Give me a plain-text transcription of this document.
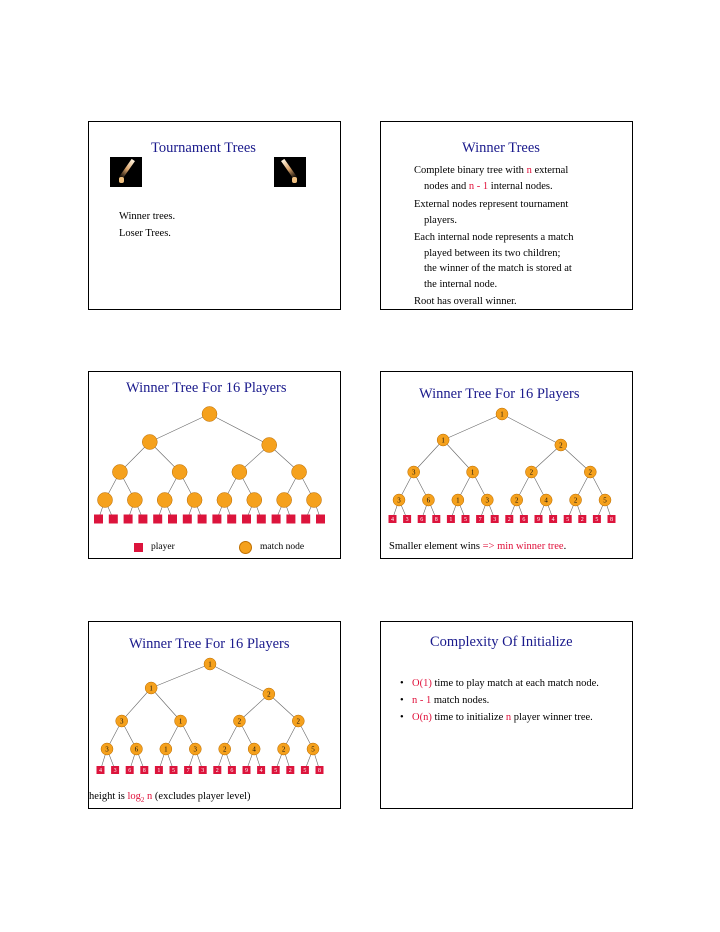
Tournament Trees
Winner trees.
Loser Trees.
Winner Trees
Complete binary tree with n external
nodes and n - 1 internal nodes.
External nodes represent tournament
players.
Each internal node represents a match
played between its two children;
the winner of the match is stored at
the internal node.
Root has overall winner.
Winner Tree For 16 Players
player	match node
Winner Tree For 16 Players
1
1
2
3	1	2	2
3	6	1	3	2	4	2	5
4 3 6 8 1 5 7 3 2 6 9 4 5 2 5 8
Smaller element wins => min winner tree.
Winner Tree For 16 Players
1
1
2
3	1	2	2
3	6	1	3	2	4	2	5
4 3 6 8 1 5 7 3 2 6 9 4 5 2 5 8
height is $\log_2 n$ (excludes player level)
Complexity Of Initialize
• O(1) time to play match at each match node.
• n - 1 match nodes.
• O(n) time to initialize n player winner tree.
